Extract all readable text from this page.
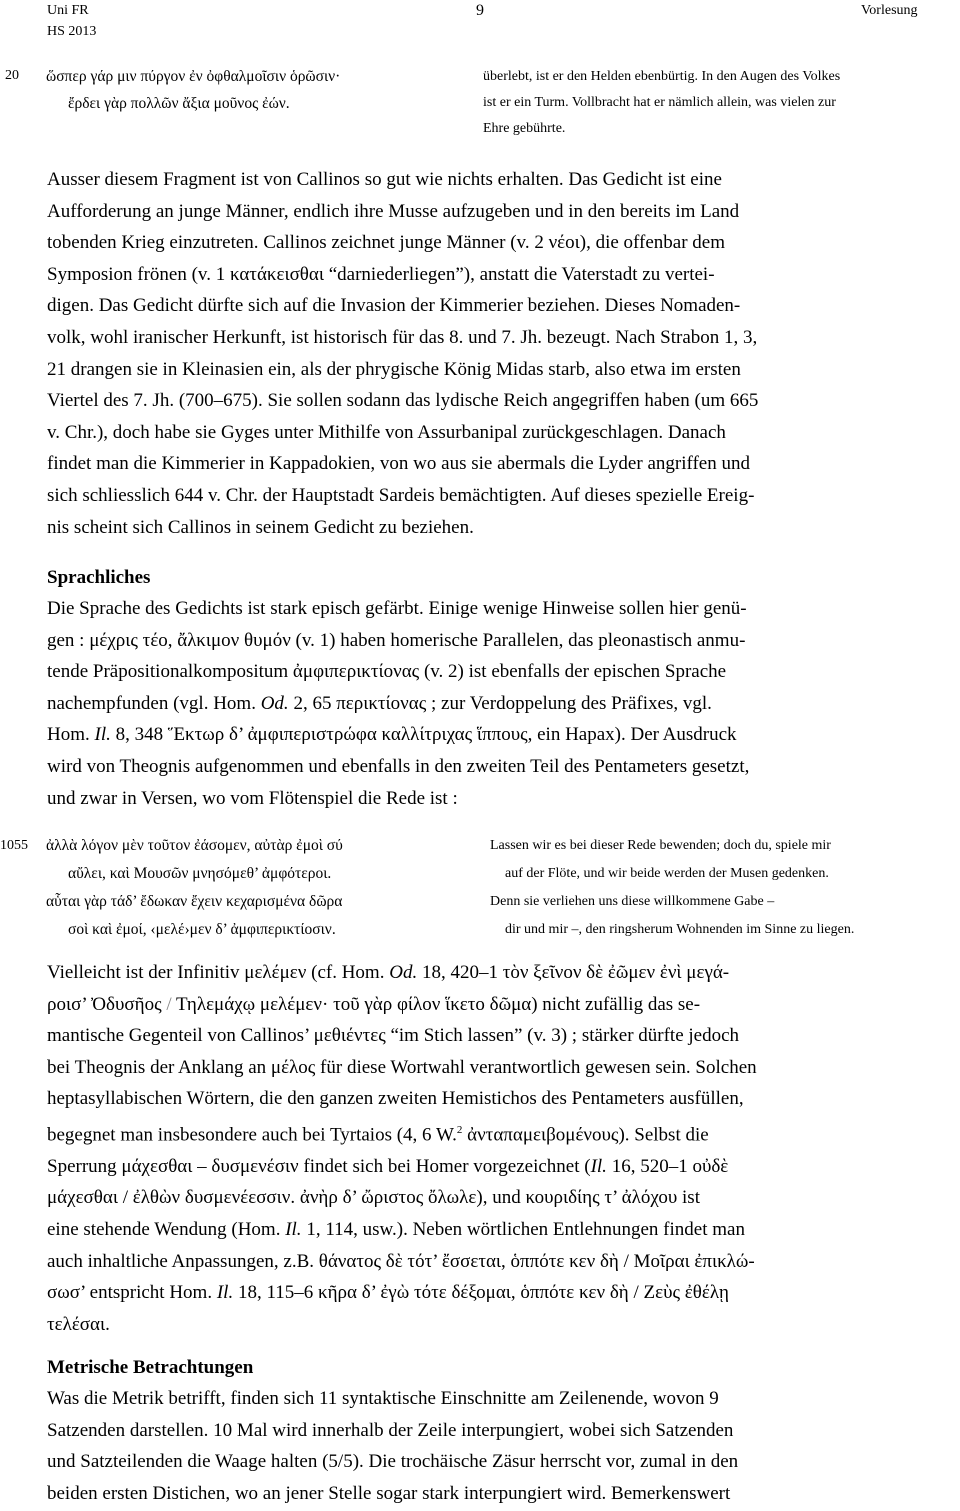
Uni FR
HS 2013
9	Vorlesung
20 ὥσπερ γάρ μιν πύργον ἐν ὀφθαλμοῖσιν ὁρῶσιν·
ἔρδει γὰρ πολλῶν ἄξια μοῦνος ἐών.
überlebt, ist er den Helden ebenbürtig. In den Augen des Volkes
ist er ein Turm. Vollbracht hat er nämlich allein, was vielen zur
Ehre gebührte.
Ausser diesem Fragment ist von Callinos so gut wie nichts erhalten. Das Gedicht ist eine
Aufforderung an junge Männer, endlich ihre Musse aufzugeben und in den bereits im Land
tobenden Krieg einzutreten. Callinos zeichnet junge Männer (v. 2 νέοι), die offenbar dem
Symposion frönen (v. 1 κατάκεισθαι “darniederliegen”), anstatt die Vaterstadt zu vertei-
digen. Das Gedicht dürfte sich auf die Invasion der Kimmerier beziehen. Dieses Nomaden-
volk, wohl iranischer Herkunft, ist historisch für das 8. und 7. Jh. bezeugt. Nach Strabon 1, 3,
21 drangen sie in Kleinasien ein, als der phrygische König Midas starb, also etwa im ersten
Viertel des 7. Jh. (700‒675). Sie sollen sodann das lydische Reich angegriffen haben (um 665
v. Chr.), doch habe sie Gyges unter Mithilfe von Assurbanipal zurückgeschlagen. Danach
findet man die Kimmerier in Kappadokien, von wo aus sie abermals die Lyder angriffen und
sich schliesslich 644 v. Chr. der Hauptstadt Sardeis bemächtigten. Auf dieses spezielle Ereig-
nis scheint sich Callinos in seinem Gedicht zu beziehen.
Sprachliches
Die Sprache des Gedichts ist stark episch gefärbt. Einige wenige Hinweise sollen hier genü-
gen : μέχρις τέο, ἄλκιμον θυμόν (v. 1) haben homerische Parallelen, das pleonastisch anmu-
tende Präpositionalkompositum ἀμφιπερικτίονας (v. 2) ist ebenfalls der epischen Sprache
nachempfunden (vgl. Hom. Od. 2, 65 περικτίονας ; zur Verdoppelung des Präfixes, vgl.
Hom. Il. 8, 348 Ἕκτωρ δ’ ἀμφιπεριστρώφα καλλίτριχας ἵππους, ein Hapax). Der Ausdruck
wird von Theognis aufgenommen und ebenfalls in den zweiten Teil des Pentameters gesetzt,
und zwar in Versen, wo vom Flötenspiel die Rede ist :
1055 ἀλλὰ λόγον μὲν τοῦτον ἐάσομεν, αὐτὰρ ἐμοὶ σύ
αὔλει, καὶ Μουσῶν μνησόμεθ’ ἀμφότεροι.
αὗται γὰρ τάδ’ ἔδωκαν ἔχειν κεχαρισμένα δῶρα
σοὶ καὶ ἐμοί, ‹μελέ›μεν δ’ ἀμφιπερικτίοσιν.
Lassen wir es bei dieser Rede bewenden; doch du, spiele mir
auf der Flöte, und wir beide werden der Musen gedenken.
Denn sie verliehen uns diese willkommene Gabe –
dir und mir –, den ringsherum Wohnenden im Sinne zu liegen.
Vielleicht ist der Infinitiv μελέμεν (cf. Hom. Od. 18, 420‒1 τὸν ξεῖνον δὲ ἐῶμεν ἐνὶ μεγά-
ροισ’ Ὀδυσῆος / Τηλεμάχῳ μελέμεν· τοῦ γὰρ φίλον ἵκετο δῶμα) nicht zufällig das se-
mantische Gegenteil von Callinos’ μεθιέντες “im Stich lassen” (v. 3) ; stärker dürfte jedoch
bei Theognis der Anklang an μέλος für diese Wortwahl verantwortlich gewesen sein. Solchen
heptasyllabischen Wörtern, die den ganzen zweiten Hemistichos des Pentameters ausfüllen,
begegnet man insbesondere auch bei Tyrtaios (4, 6 W.$^2$ ἀνταπαμειβομένους). Selbst die
Sperrung μάχεσθαι ‒ δυσμενέσιν findet sich bei Homer vorgezeichnet (Il. 16, 520‒1 οὐδὲ
μάχεσθαι / ἐλθὼν δυσμενέεσσιν. ἀνὴρ δ’ ὤριστος ὄλωλε), und κουριδίης τ’ ἀλόχου ist
eine stehende Wendung (Hom. Il. 1, 114, usw.). Neben wörtlichen Entlehnungen findet man
auch inhaltliche Anpassungen, z.B. θάνατος δὲ τότ’ ἔσσεται, ὁππότε κεν δὴ / Μοῖραι ἐπικλώ-
σωσ’ entspricht Hom. Il. 18, 115‒6 κῆρα δ’ ἐγὼ τότε δέξομαι, ὁππότε κεν δὴ / Ζεὺς ἐθέλῃ
τελέσαι.
Metrische Betrachtungen
Was die Metrik betrifft, finden sich 11 syntaktische Einschnitte am Zeilenende, wovon 9
Satzenden darstellen. 10 Mal wird innerhalb der Zeile interpungiert, wobei sich Satzenden
und Satzteilenden die Waage halten (5/5). Die trochäische Zäsur herrscht vor, zumal in den
beiden ersten Distichen, wo an jener Stelle sogar stark interpungiert wird. Bemerkenswert
